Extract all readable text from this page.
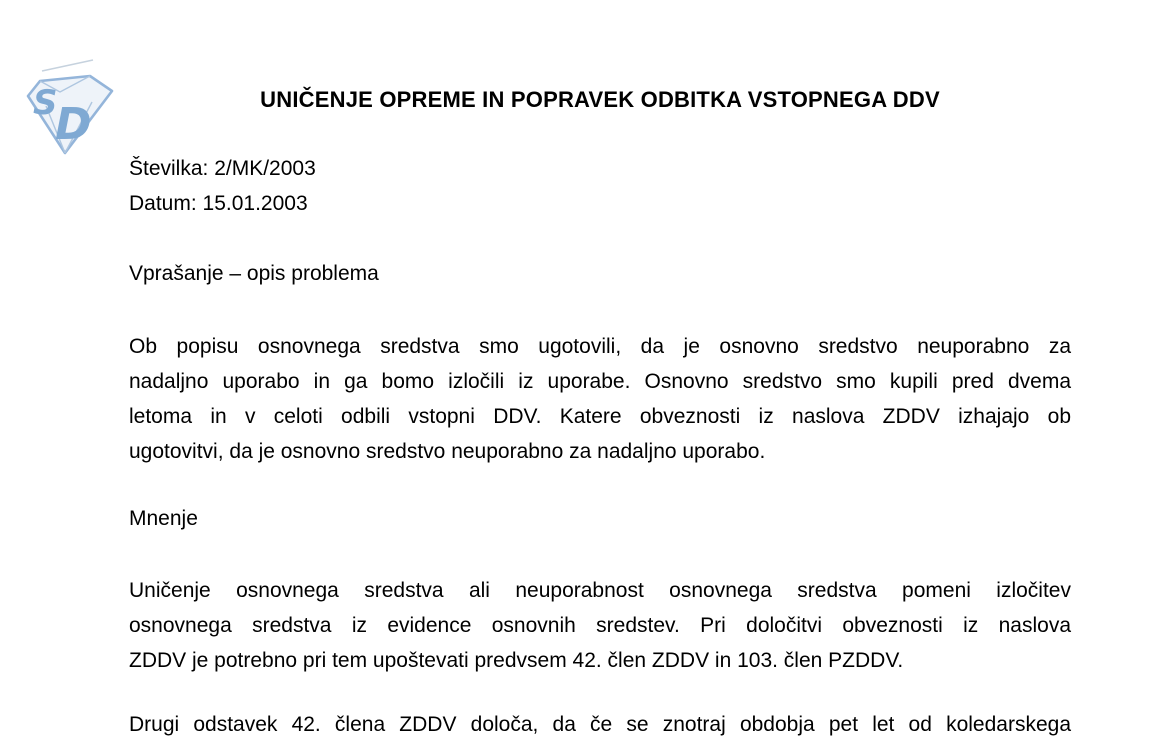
S
D	UNIČENJE OPREME IN POPRAVEK ODBITKA VSTOPNEGA DDV
Številka: 2/MK/2003
Datum: 15.01.2003
Vprašanje – opis problema
Ob popisu osnovnega sredstva smo ugotovili, da je osnovno sredstvo neuporabno za
nadaljno uporabo in ga bomo izločili iz uporabe. Osnovno sredstvo smo kupili pred dvema
letoma in v celoti odbili vstopni DDV. Katere obveznosti iz naslova ZDDV izhajajo ob
ugotovitvi, da je osnovno sredstvo neuporabno za nadaljno uporabo.
Mnenje
Uničenje osnovnega sredstva ali neuporabnost osnovnega sredstva pomeni izločitev
osnovnega sredstva iz evidence osnovnih sredstev. Pri določitvi obveznosti iz naslova
ZDDV je potrebno pri tem upoštevati predvsem 42. člen ZDDV in 103. člen PZDDV.
Drugi odstavek 42. člena ZDDV določa, da če se znotraj obdobja pet let od koledarskega
